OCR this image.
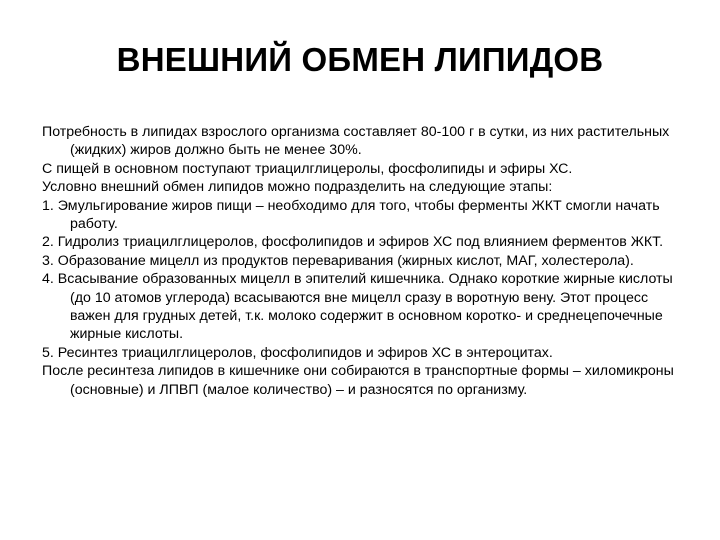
ВНЕШНИЙ ОБМЕН ЛИПИДОВ

Потребность в липидах взрослого организма составляет 80-100 г в сутки, из них растительных (жидких) жиров должно быть не менее 30%.

С пищей в основном поступают триацилглицеролы, фосфолипиды и эфиры ХС.

Условно внешний обмен липидов можно подразделить на следующие этапы:

1. Эмульгирование жиров пищи – необходимо для того, чтобы ферменты ЖКТ смогли начать работу.

2. Гидролиз триацилглицеролов, фосфолипидов и эфиров ХС под влиянием ферментов ЖКТ.

3. Образование мицелл из продуктов переваривания (жирных кислот, МАГ, холестерола).

4. Всасывание образованных мицелл в эпителий кишечника. Однако короткие жирные кислоты (до 10 атомов углерода) всасываются вне мицелл сразу в воротную вену. Этот процесс важен для грудных детей, т.к. молоко содержит в основном коротко- и среднецепочечные жирные кислоты.

5. Ресинтез триацилглицеролов, фосфолипидов и эфиров ХС в энтероцитах.

После ресинтеза липидов в кишечнике они собираются в транспортные формы – хиломикроны (основные) и ЛПВП (малое количество) – и разносятся по организму.
